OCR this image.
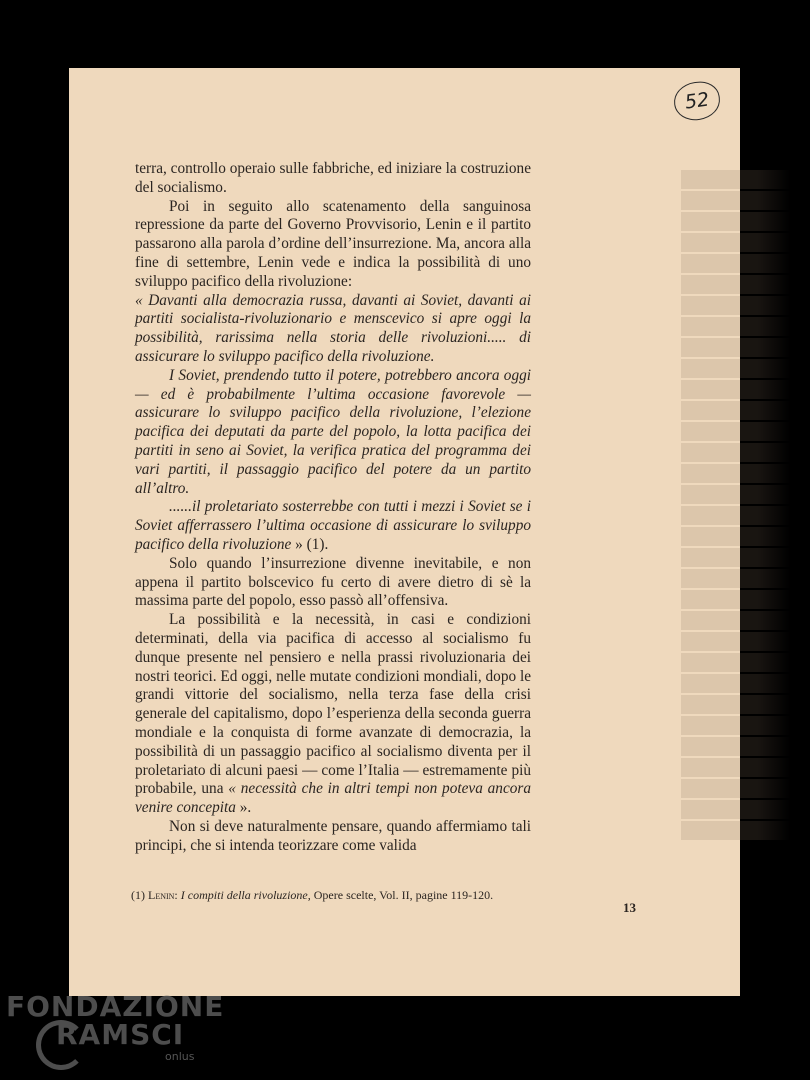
52

terra, controllo operaio sulle fabbriche, ed iniziare la costruzione del socialismo.

Poi in seguito allo scatenamento della sanguinosa repressione da parte del Governo Provvisorio, Lenin e il partito passarono alla parola d’ordine dell’insurrezione. Ma, ancora alla fine di settembre, Lenin vede e indica la possibilità di uno sviluppo pacifico della rivoluzione:

« Davanti alla democrazia russa, davanti ai Soviet, davanti ai partiti socialista-rivoluzionario e menscevico si apre oggi la possibilità, rarissima nella storia delle rivoluzioni..... di assicurare lo sviluppo pacifico della rivoluzione.

I Soviet, prendendo tutto il potere, potrebbero ancora oggi — ed è probabilmente l’ultima occasione favorevole — assicurare lo sviluppo pacifico della rivoluzione, l’elezione pacifica dei deputati da parte del popolo, la lotta pacifica dei partiti in seno ai Soviet, la verifica pratica del programma dei vari partiti, il passaggio pacifico del potere da un partito all’altro.

......il proletariato sosterrebbe con tutti i mezzi i Soviet se i Soviet afferrassero l’ultima occasione di assicurare lo sviluppo pacifico della rivoluzione » (1).

Solo quando l’insurrezione divenne inevitabile, e non appena il partito bolscevico fu certo di avere dietro di sè la massima parte del popolo, esso passò all’offensiva.

La possibilità e la necessità, in casi e condizioni determinati, della via pacifica di accesso al socialismo fu dunque presente nel pensiero e nella prassi rivoluzionaria dei nostri teorici. Ed oggi, nelle mutate condizioni mondiali, dopo le grandi vittorie del socialismo, nella terza fase della crisi generale del capitalismo, dopo l’esperienza della seconda guerra mondiale e la conquista di forme avanzate di democrazia, la possibilità di un passaggio pacifico al socialismo diventa per il proletariato di alcuni paesi — come l’Italia — estremamente più probabile, una « necessità che in altri tempi non poteva ancora venire concepita ».

Non si deve naturalmente pensare, quando affermiamo tali principi, che si intenda teorizzare come valida

(1) Lenin: I compiti della rivoluzione, Opere scelte, Vol. II, pagine 119-120.
13
FONDAZIONE
RAMSCI
onlus
